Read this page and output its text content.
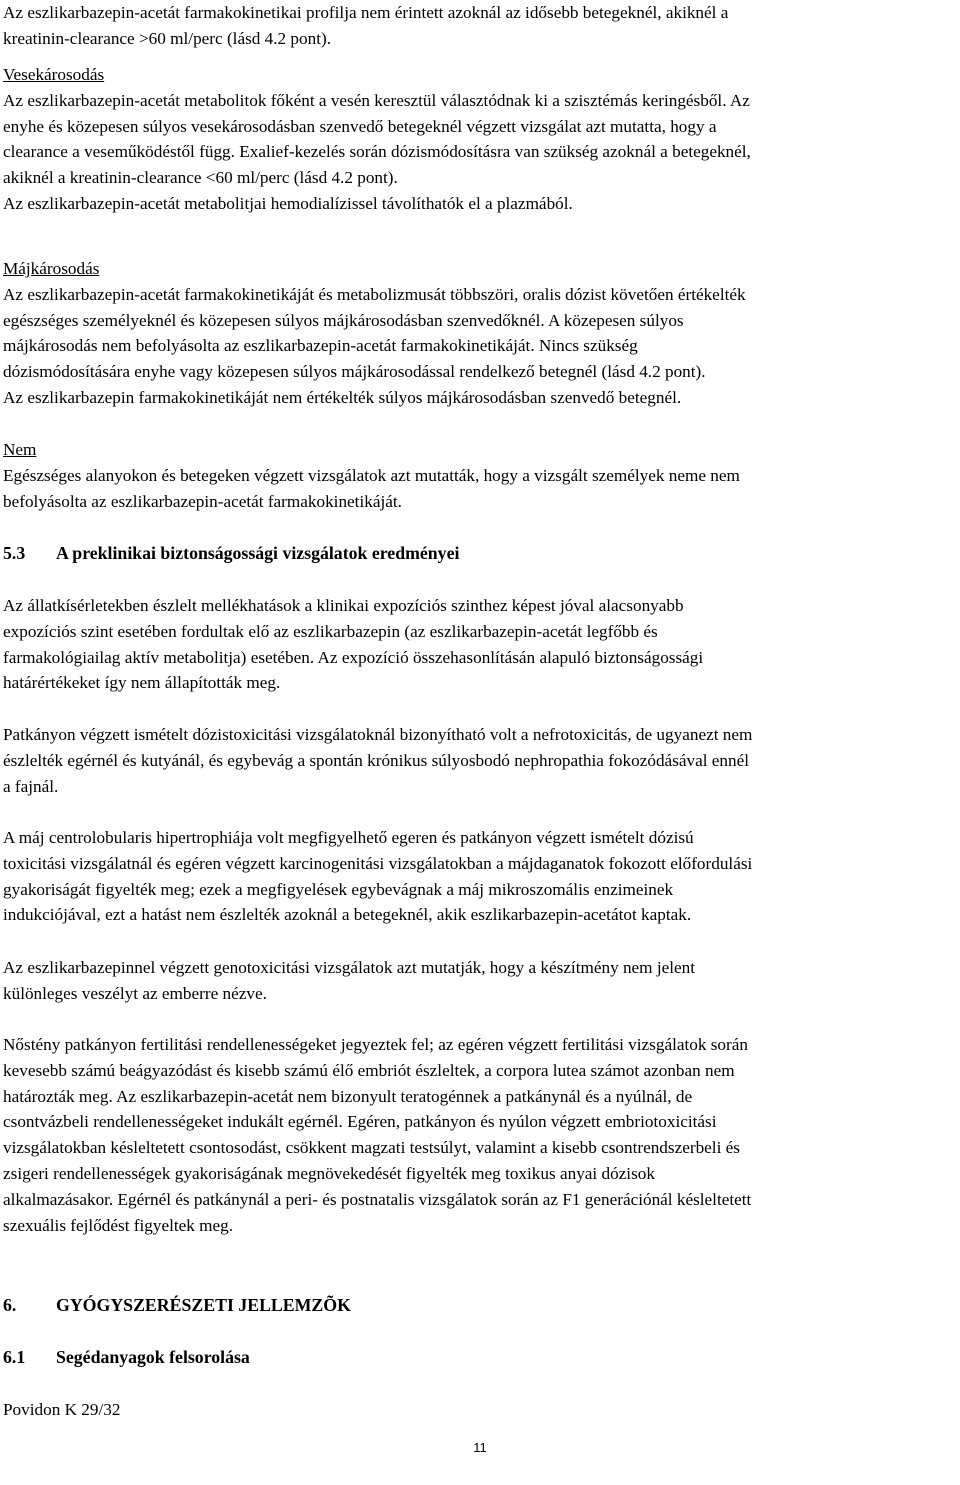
Az eszlikarbazepin-acetát farmakokinetikai profilja nem érintett azoknál az idősebb betegeknél, akiknél a
kreatinin-clearance >60 ml/perc (lásd 4.2 pont).

Vesekárosodás
Az eszlikarbazepin-acetát metabolitok főként a vesén keresztül választódnak ki a szisztémás keringésből. Az
enyhe és közepesen súlyos vesekárosodásban szenvedő betegeknél végzett vizsgálat azt mutatta, hogy a
clearance a veseműködéstől függ. Exalief-kezelés során dózismódosításra van szükség azoknál a betegeknél,
akiknél a kreatinin-clearance <60 ml/perc (lásd 4.2 pont).
Az eszlikarbazepin-acetát metabolitjai hemodialízissel távolíthatók el a plazmából.

Májkárosodás
Az eszlikarbazepin-acetát farmakokinetikáját és metabolizmusát többszöri, oralis dózist követően értékelték
egészséges személyeknél és közepesen súlyos májkárosodásban szenvedőknél. A közepesen súlyos
májkárosodás nem befolyásolta az eszlikarbazepin-acetát farmakokinetikáját. Nincs szükség
dózismódosítására enyhe vagy közepesen súlyos májkárosodással rendelkező betegnél (lásd 4.2 pont).
Az eszlikarbazepin farmakokinetikáját nem értékelték súlyos májkárosodásban szenvedő betegnél.

Nem
Egészséges alanyokon és betegeken végzett vizsgálatok azt mutatták, hogy a vizsgált személyek neme nem
befolyásolta az eszlikarbazepin-acetát farmakokinetikáját.

5.3 A preklinikai biztonságossági vizsgálatok eredményei

Az állatkísérletekben észlelt mellékhatások a klinikai expozíciós szinthez képest jóval alacsonyabb
expozíciós szint esetében fordultak elő az eszlikarbazepin (az eszlikarbazepin-acetát legfőbb és
farmakológiailag aktív metabolitja) esetében. Az expozíció összehasonlításán alapuló biztonságossági
határértékeket így nem állapították meg.

Patkányon végzett ismételt dózistoxicitási vizsgálatoknál bizonyítható volt a nefrotoxicitás, de ugyanezt nem
észlelték egérnél és kutyánál, és egybevág a spontán krónikus súlyosbodó nephropathia fokozódásával ennél
a fajnál.

A máj centrolobularis hipertrophiája volt megfigyelhető egeren és patkányon végzett ismételt dózisú
toxicitási vizsgálatnál és egéren végzett karcinogenitási vizsgálatokban a májdaganatok fokozott előfordulási
gyakoriságát figyelték meg; ezek a megfigyelések egybevágnak a máj mikroszomális enzimeinek
indukciójával, ezt a hatást nem észlelték azoknál a betegeknél, akik eszlikarbazepin-acetátot kaptak.

Az eszlikarbazepinnel végzett genotoxicitási vizsgálatok azt mutatják, hogy a készítmény nem jelent
különleges veszélyt az emberre nézve.

Nőstény patkányon fertilitási rendellenességeket jegyeztek fel; az egéren végzett fertilitási vizsgálatok során
kevesebb számú beágyazódást és kisebb számú élő embriót észleltek, a corpora lutea számot azonban nem
határozták meg. Az eszlikarbazepin-acetát nem bizonyult teratogénnek a patkánynál és a nyúlnál, de
csontvázbeli rendellenességeket indukált egérnél. Egéren, patkányon és nyúlon végzett embriotoxicitási
vizsgálatokban késleltetett csontosodást, csökkent magzati testsúlyt, valamint a kisebb csontrendszerbeli és
zsigeri rendellenességek gyakoriságának megnövekedését figyelték meg toxikus anyai dózisok
alkalmazásakor. Egérnél és patkánynál a peri- és postnatalis vizsgálatok során az F1 generációnál késleltetett
szexuális fejlődést figyeltek meg.

6. GYÓGYSZERÉSZETI JELLEMZÕK

6.1 Segédanyagok felsorolása

Povidon K 29/32

11
